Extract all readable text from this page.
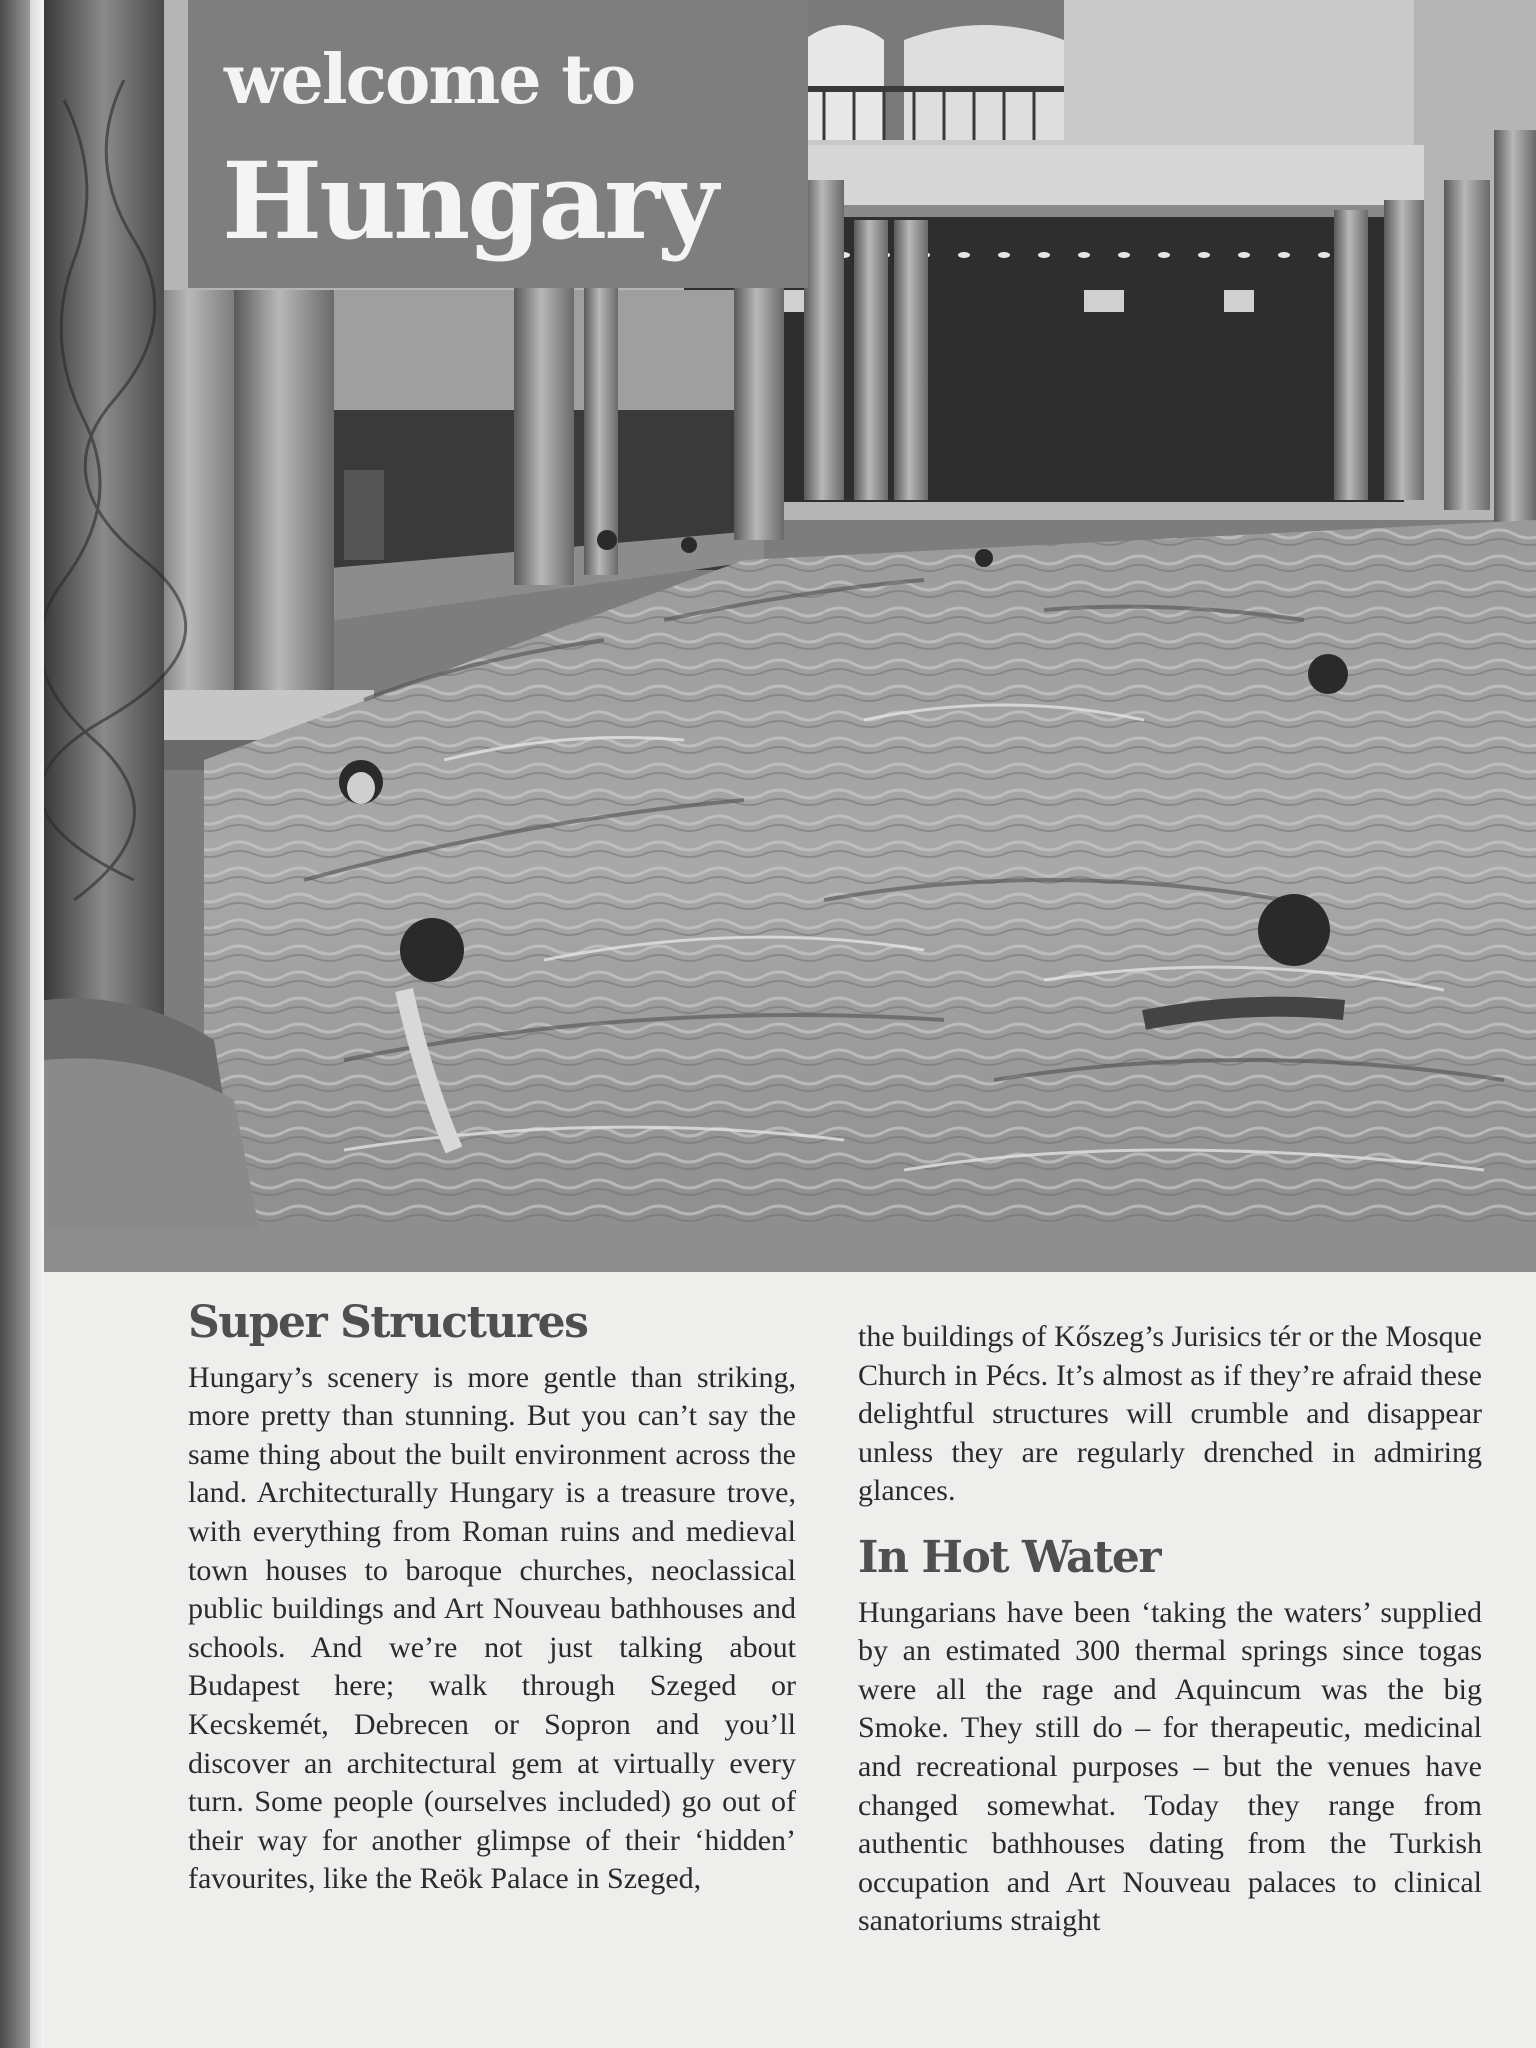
welcome to
Hungary
Super Structures

Hungary’s scenery is more gentle than striking, more pretty than stunning. But you can’t say the same thing about the built environment across the land. Architecturally Hungary is a treasure trove, with everything from Roman ruins and medieval town houses to baroque churches, neoclassical public buildings and Art Nouveau bathhouses and schools. And we’re not just talking about Budapest here; walk through Szeged or Kecskemét, Debrecen or Sopron and you’ll discover an architectural gem at virtually every turn. Some people (ourselves included) go out of their way for another glimpse of their ‘hidden’ favourites, like the Reök Palace in Szeged,

the buildings of Kőszeg’s Jurisics tér or the Mosque Church in Pécs. It’s almost as if they’re afraid these delightful structures will crumble and disappear unless they are regularly drenched in admiring glances.

In Hot Water

Hungarians have been ‘taking the waters’ supplied by an estimated 300 thermal springs since togas were all the rage and Aquincum was the big Smoke. They still do – for therapeutic, medicinal and recreational purposes – but the venues have changed somewhat. Today they range from authentic bathhouses dating from the Turkish occupation and Art Nouveau palaces to clinical sanatoriums straight
